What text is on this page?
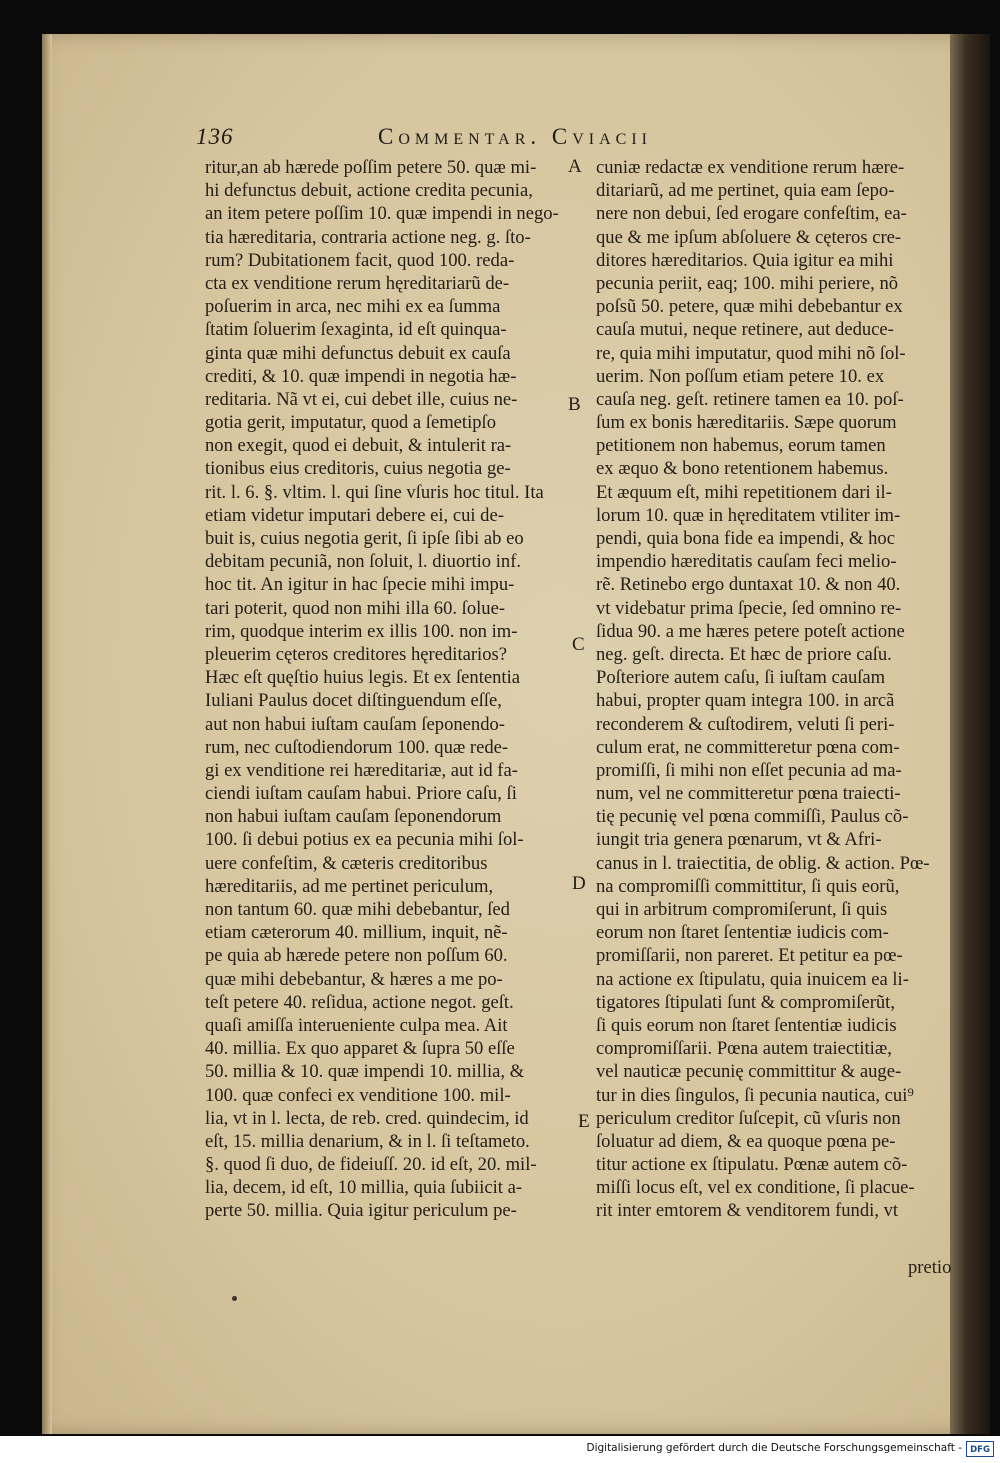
136	Commentar. Cvıacıı
ritur,an ab hærede poſſim petere 50. quæ mi-
hi defunctus debuit, actione credita pecunia,
an item petere poſſim 10. quæ impendi in nego-
tia hæreditaria, contraria actione neg. g. ſto-
rum? Dubitationem facit, quod 100. reda-
cta ex venditione rerum hęreditariarũ de-
poſuerim in arca, nec mihi ex ea ſumma
ſtatim ſoluerim ſexaginta, id eſt quinqua-
ginta quæ mihi defunctus debuit ex cauſa
crediti, & 10. quæ impendi in negotia hæ-
reditaria. Nã vt ei, cui debet ille, cuius ne-
gotia gerit, imputatur, quod a ſemetipſo
non exegit, quod ei debuit, & intulerit ra-
tionibus eius creditoris, cuius negotia ge-
rit. l. 6. §. vltim. l. qui ſine vſuris hoc titul. Ita
etiam videtur imputari debere ei, cui de-
buit is, cuius negotia gerit, ſi ipſe ſibi ab eo
debitam pecuniã, non ſoluit, l. diuortio inf.
hoc tit. An igitur in hac ſpecie mihi impu-
tari poterit, quod non mihi illa 60. ſolue-
rim, quodque interim ex illis 100. non im-
pleuerim cęteros creditores hęreditarios?
Hæc eſt quęſtio huius legis. Et ex ſententia
Iuliani Paulus docet diſtinguendum eſſe,
aut non habui iuſtam cauſam ſeponendo-
rum, nec cuſtodiendorum 100. quæ rede-
gi ex venditione rei hæreditariæ, aut id fa-
ciendi iuſtam cauſam habui. Priore caſu, ſi
non habui iuſtam cauſam ſeponendorum
100. ſi debui potius ex ea pecunia mihi ſol-
uere confeſtim, & cæteris creditoribus
hæreditariis, ad me pertinet periculum,
non tantum 60. quæ mihi debebantur, ſed
etiam cæterorum 40. millium, inquit, nẽ-
pe quia ab hærede petere non poſſum 60.
quæ mihi debebantur, & hæres a me po-
teſt petere 40. reſidua, actione negot. geſt.
quaſi amiſſa interueniente culpa mea. Ait
40. millia. Ex quo apparet & ſupra 50 eſſe
50. millia & 10. quæ impendi 10. millia, &
100. quæ confeci ex venditione 100. mil-
lia, vt in l. lecta, de reb. cred. quindecim, id
eſt, 15. millia denarium, & in l. ſi teſtameto.
§. quod ſi duo, de fideiuſſ. 20. id eſt, 20. mil-
lia, decem, id eſt, 10 millia, quia ſubiicit a-
perte 50. millia. Quia igitur periculum pe-
cuniæ redactæ ex venditione rerum hære-
ditariarũ, ad me pertinet, quia eam ſepo-
nere non debui, ſed erogare confeſtim, ea-
que & me ipſum abſoluere & cęteros cre-
ditores hæreditarios. Quia igitur ea mihi
pecunia periit, eaq; 100. mihi periere, nõ
poſsũ 50. petere, quæ mihi debebantur ex
cauſa mutui, neque retinere, aut deduce-
re, quia mihi imputatur, quod mihi nõ ſol-
uerim. Non poſſum etiam petere 10. ex
cauſa neg. geſt. retinere tamen ea 10. poſ-
ſum ex bonis hæreditariis. Sæpe quorum
petitionem non habemus, eorum tamen
ex æquo & bono retentionem habemus.
Et æquum eſt, mihi repetitionem dari il-
lorum 10. quæ in hęreditatem vtiliter im-
pendi, quia bona fide ea impendi, & hoc
impendio hæreditatis cauſam feci melio-
rẽ. Retinebo ergo duntaxat 10. & non 40.
vt videbatur prima ſpecie, ſed omnino re-
ſidua 90. a me hæres petere poteſt actione
neg. geſt. directa. Et hæc de priore caſu.
Poſteriore autem caſu, ſi iuſtam cauſam
habui, propter quam integra 100. in arcã
reconderem & cuſtodirem, veluti ſi peri-
culum erat, ne committeretur pœna com-
promiſſi, ſi mihi non eſſet pecunia ad ma-
num, vel ne committeretur pœna traiecti-
tię pecunię vel pœna commiſſi, Paulus cõ-
iungit tria genera pœnarum, vt & Afri-
canus in l. traiectitia, de oblig. & action. Pœ-
na compromiſſi committitur, ſi quis eorũ,
qui in arbitrum compromiſerunt, ſi quis
eorum non ſtaret ſententiæ iudicis com-
promiſſarii, non pareret. Et petitur ea pœ-
na actione ex ſtipulatu, quia inuicem ea li-
tigatores ſtipulati ſunt & compromiſerũt,
ſi quis eorum non ſtaret ſententiæ iudicis
compromiſſarii. Pœna autem traiectitiæ,
vel nauticæ pecunię committitur & auge-
tur in dies ſingulos, ſi pecunia nautica, cui⁹
periculum creditor ſuſcepit, cũ vſuris non
ſoluatur ad diem, & ea quoque pœna pe-
titur actione ex ſtipulatu. Pœnæ autem cõ-
miſſi locus eſt, vel ex conditione, ſi placue-
rit inter emtorem & venditorem fundi, vt
A
B
C
D
E
pretio
Digitalisierung gefördert durch die Deutsche Forschungsgemeinschaft - DFG
